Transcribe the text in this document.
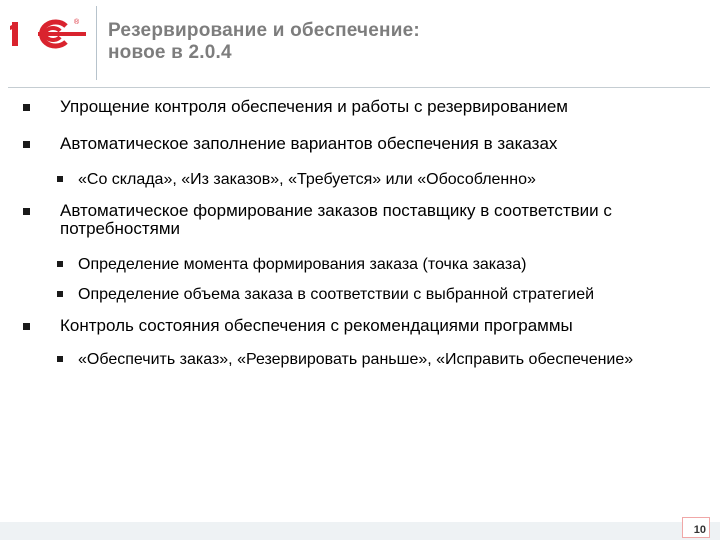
® Резервирование и обеспечение:
новое в 2.0.4
Упрощение контроля обеспечения и работы с резервированием
Автоматическое заполнение вариантов обеспечения в заказах
«Со склада», «Из заказов», «Требуется» или «Обособленно»
Автоматическое формирование заказов поставщику в соответствии с потребностями
Определение момента формирования заказа (точка заказа)
Определение объема заказа в соответствии с выбранной стратегией
Контроль состояния обеспечения с рекомендациями программы
«Обеспечить заказ», «Резервировать раньше», «Исправить обеспечение»
10
